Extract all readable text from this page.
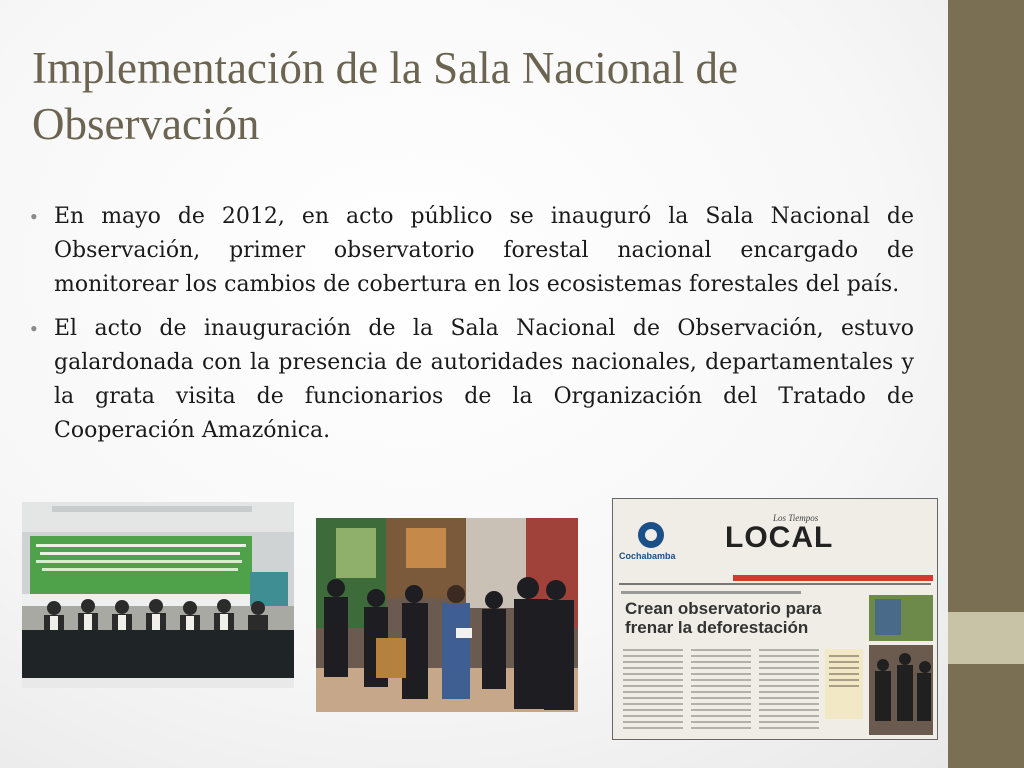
Implementación de la Sala Nacional de Observación
• En mayo de 2012, en acto público se inauguró la Sala Nacional de Observación, primer observatorio forestal nacional encargado de monitorear los cambios de cobertura en los ecosistemas forestales del país.
• El acto de inauguración de la Sala Nacional de Observación, estuvo galardonada con la presencia de autoridades nacionales, departamentales y la grata visita de funcionarios de la Organización del Tratado de Cooperación Amazónica.
Los Tiempos
LOCAL
Cochabamba
Crean observatorio para frenar la deforestación
